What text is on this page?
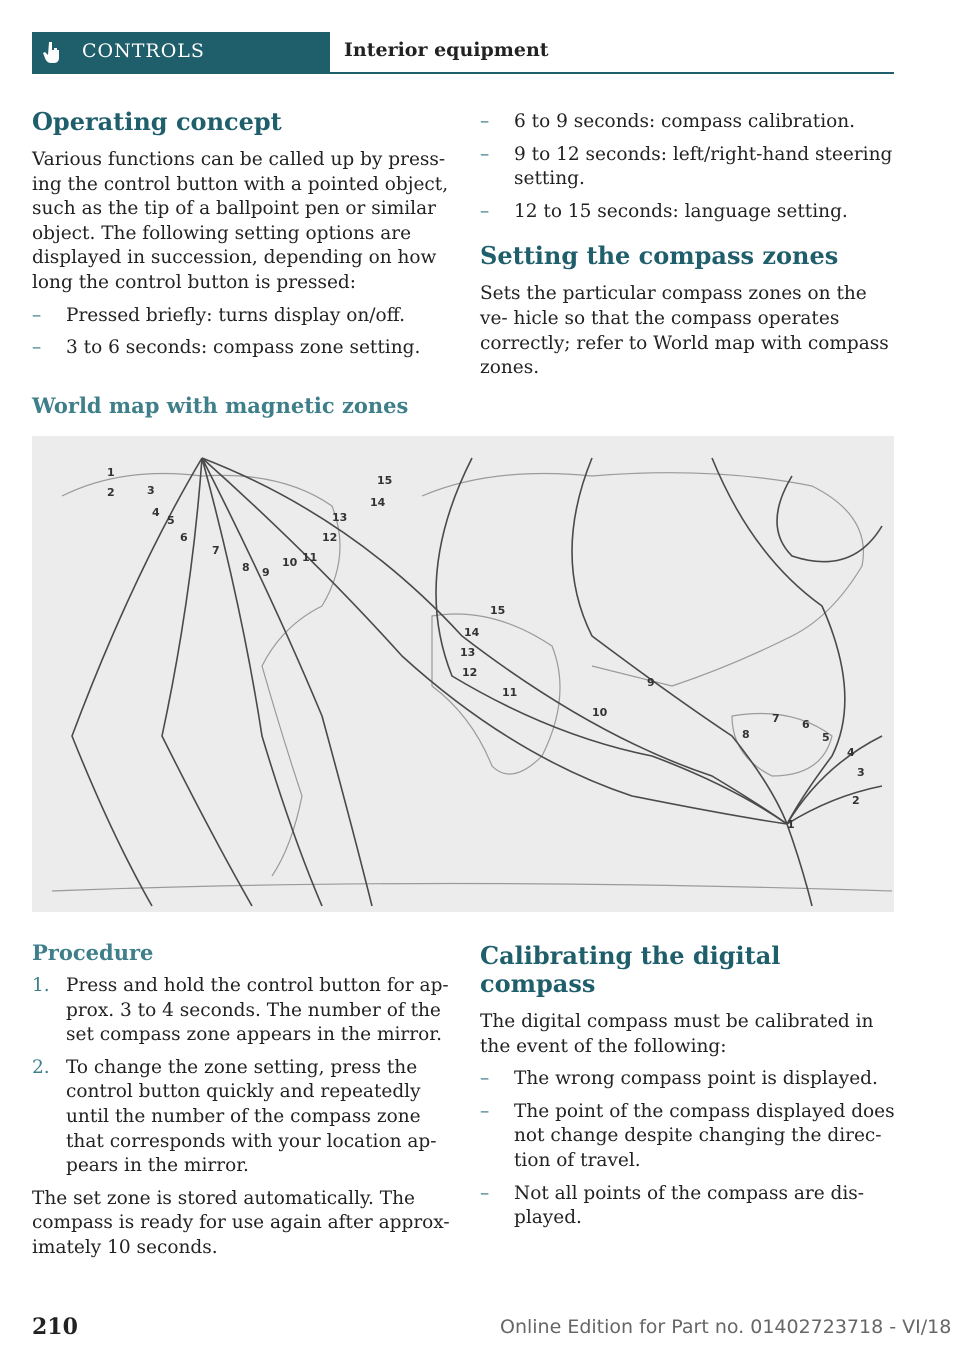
CONTROLS	Interior equipment
Operating concept

Various functions can be called up by press- ing the control button with a pointed object, such as the tip of a ballpoint pen or similar object. The following setting options are displayed in succession, depending on how long the control button is pressed:

– Pressed briefly: turns display on/off.
– 3 to 6 seconds: compass zone setting.
– 6 to 9 seconds: compass calibration.
– 9 to 12 seconds: left/right-hand steering setting.
– 12 to 15 seconds: language setting.
Setting the compass zones

Sets the particular compass zones on the ve- hicle so that the compass operates correctly; refer to World map with compass zones.

World map with magnetic zones
1
2	3
4
5
6
7
8 9
10 11
12
13
14
15
1
2
3
4
5
6
7
8
9
10
11
12
13
14
15
Procedure
1. Press and hold the control button for ap- prox. 3 to 4 seconds. The number of the set compass zone appears in the mirror.
2. To change the zone setting, press the control button quickly and repeatedly until the number of the compass zone that corresponds with your location ap- pears in the mirror.

The set zone is stored automatically. The compass is ready for use again after approx- imately 10 seconds.

Calibrating the digital compass

The digital compass must be calibrated in the event of the following:

– The wrong compass point is displayed.
– The point of the compass displayed does not change despite changing the direc- tion of travel.
– Not all points of the compass are dis- played.
210	Online Edition for Part no. 01402723718 - VI/18
